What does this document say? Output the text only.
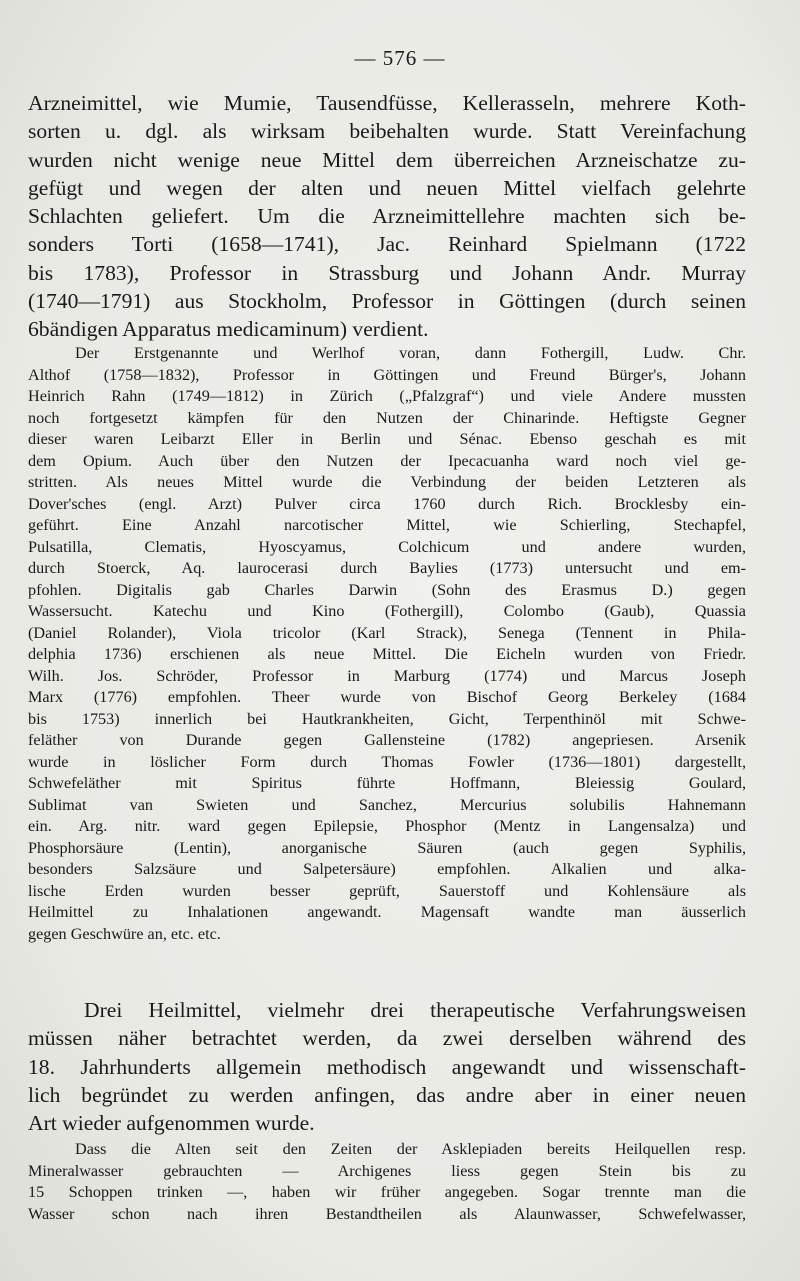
— 576 —
Arzneimittel, wie Mumie, Tausendfüsse, Kellerasseln, mehrere Koth-
sorten u. dgl. als wirksam beibehalten wurde. Statt Vereinfachung
wurden nicht wenige neue Mittel dem überreichen Arzneischatze zu-
gefügt und wegen der alten und neuen Mittel vielfach gelehrte
Schlachten geliefert. Um die Arzneimittellehre machten sich be-
sonders Torti (1658—1741), Jac. Reinhard Spielmann (1722
bis 1783), Professor in Strassburg und Johann Andr. Murray
(1740—1791) aus Stockholm, Professor in Göttingen (durch seinen
6bändigen Apparatus medicaminum) verdient.
Der Erstgenannte und Werlhof voran, dann Fothergill, Ludw. Chr.
Althof (1758—1832), Professor in Göttingen und Freund Bürger's, Johann
Heinrich Rahn (1749—1812) in Zürich („Pfalzgraf“) und viele Andere mussten
noch fortgesetzt kämpfen für den Nutzen der Chinarinde. Heftigste Gegner
dieser waren Leibarzt Eller in Berlin und Sénac. Ebenso geschah es mit
dem Opium. Auch über den Nutzen der Ipecacuanha ward noch viel ge-
stritten. Als neues Mittel wurde die Verbindung der beiden Letzteren als
Dover'sches (engl. Arzt) Pulver circa 1760 durch Rich. Brocklesby ein-
geführt. Eine Anzahl narcotischer Mittel, wie Schierling, Stechapfel,
Pulsatilla, Clematis, Hyoscyamus, Colchicum und andere wurden,
durch Stoerck, Aq. laurocerasi durch Baylies (1773) untersucht und em-
pfohlen. Digitalis gab Charles Darwin (Sohn des Erasmus D.) gegen
Wassersucht. Katechu und Kino (Fothergill), Colombo (Gaub), Quassia
(Daniel Rolander), Viola tricolor (Karl Strack), Senega (Tennent in Phila-
delphia 1736) erschienen als neue Mittel. Die Eicheln wurden von Friedr.
Wilh. Jos. Schröder, Professor in Marburg (1774) und Marcus Joseph
Marx (1776) empfohlen. Theer wurde von Bischof Georg Berkeley (1684
bis 1753) innerlich bei Hautkrankheiten, Gicht, Terpenthinöl mit Schwe-
feläther von Durande gegen Gallensteine (1782) angepriesen. Arsenik
wurde in löslicher Form durch Thomas Fowler (1736—1801) dargestellt,
Schwefeläther mit Spiritus führte Hoffmann, Bleiessig Goulard,
Sublimat van Swieten und Sanchez, Mercurius solubilis Hahnemann
ein. Arg. nitr. ward gegen Epilepsie, Phosphor (Mentz in Langensalza) und
Phosphorsäure (Lentin), anorganische Säuren (auch gegen Syphilis,
besonders Salzsäure und Salpetersäure) empfohlen. Alkalien und alka-
lische Erden wurden besser geprüft, Sauerstoff und Kohlensäure als
Heilmittel zu Inhalationen angewandt. Magensaft wandte man äusserlich
gegen Geschwüre an, etc. etc.
Drei Heilmittel, vielmehr drei therapeutische Verfahrungsweisen
müssen näher betrachtet werden, da zwei derselben während des
18. Jahrhunderts allgemein methodisch angewandt und wissenschaft-
lich begründet zu werden anfingen, das andre aber in einer neuen
Art wieder aufgenommen wurde.
Dass die Alten seit den Zeiten der Asklepiaden bereits Heilquellen resp.
Mineralwasser gebrauchten — Archigenes liess gegen Stein bis zu
15 Schoppen trinken —, haben wir früher angegeben. Sogar trennte man die
Wasser schon nach ihren Bestandtheilen als Alaunwasser, Schwefelwasser,
